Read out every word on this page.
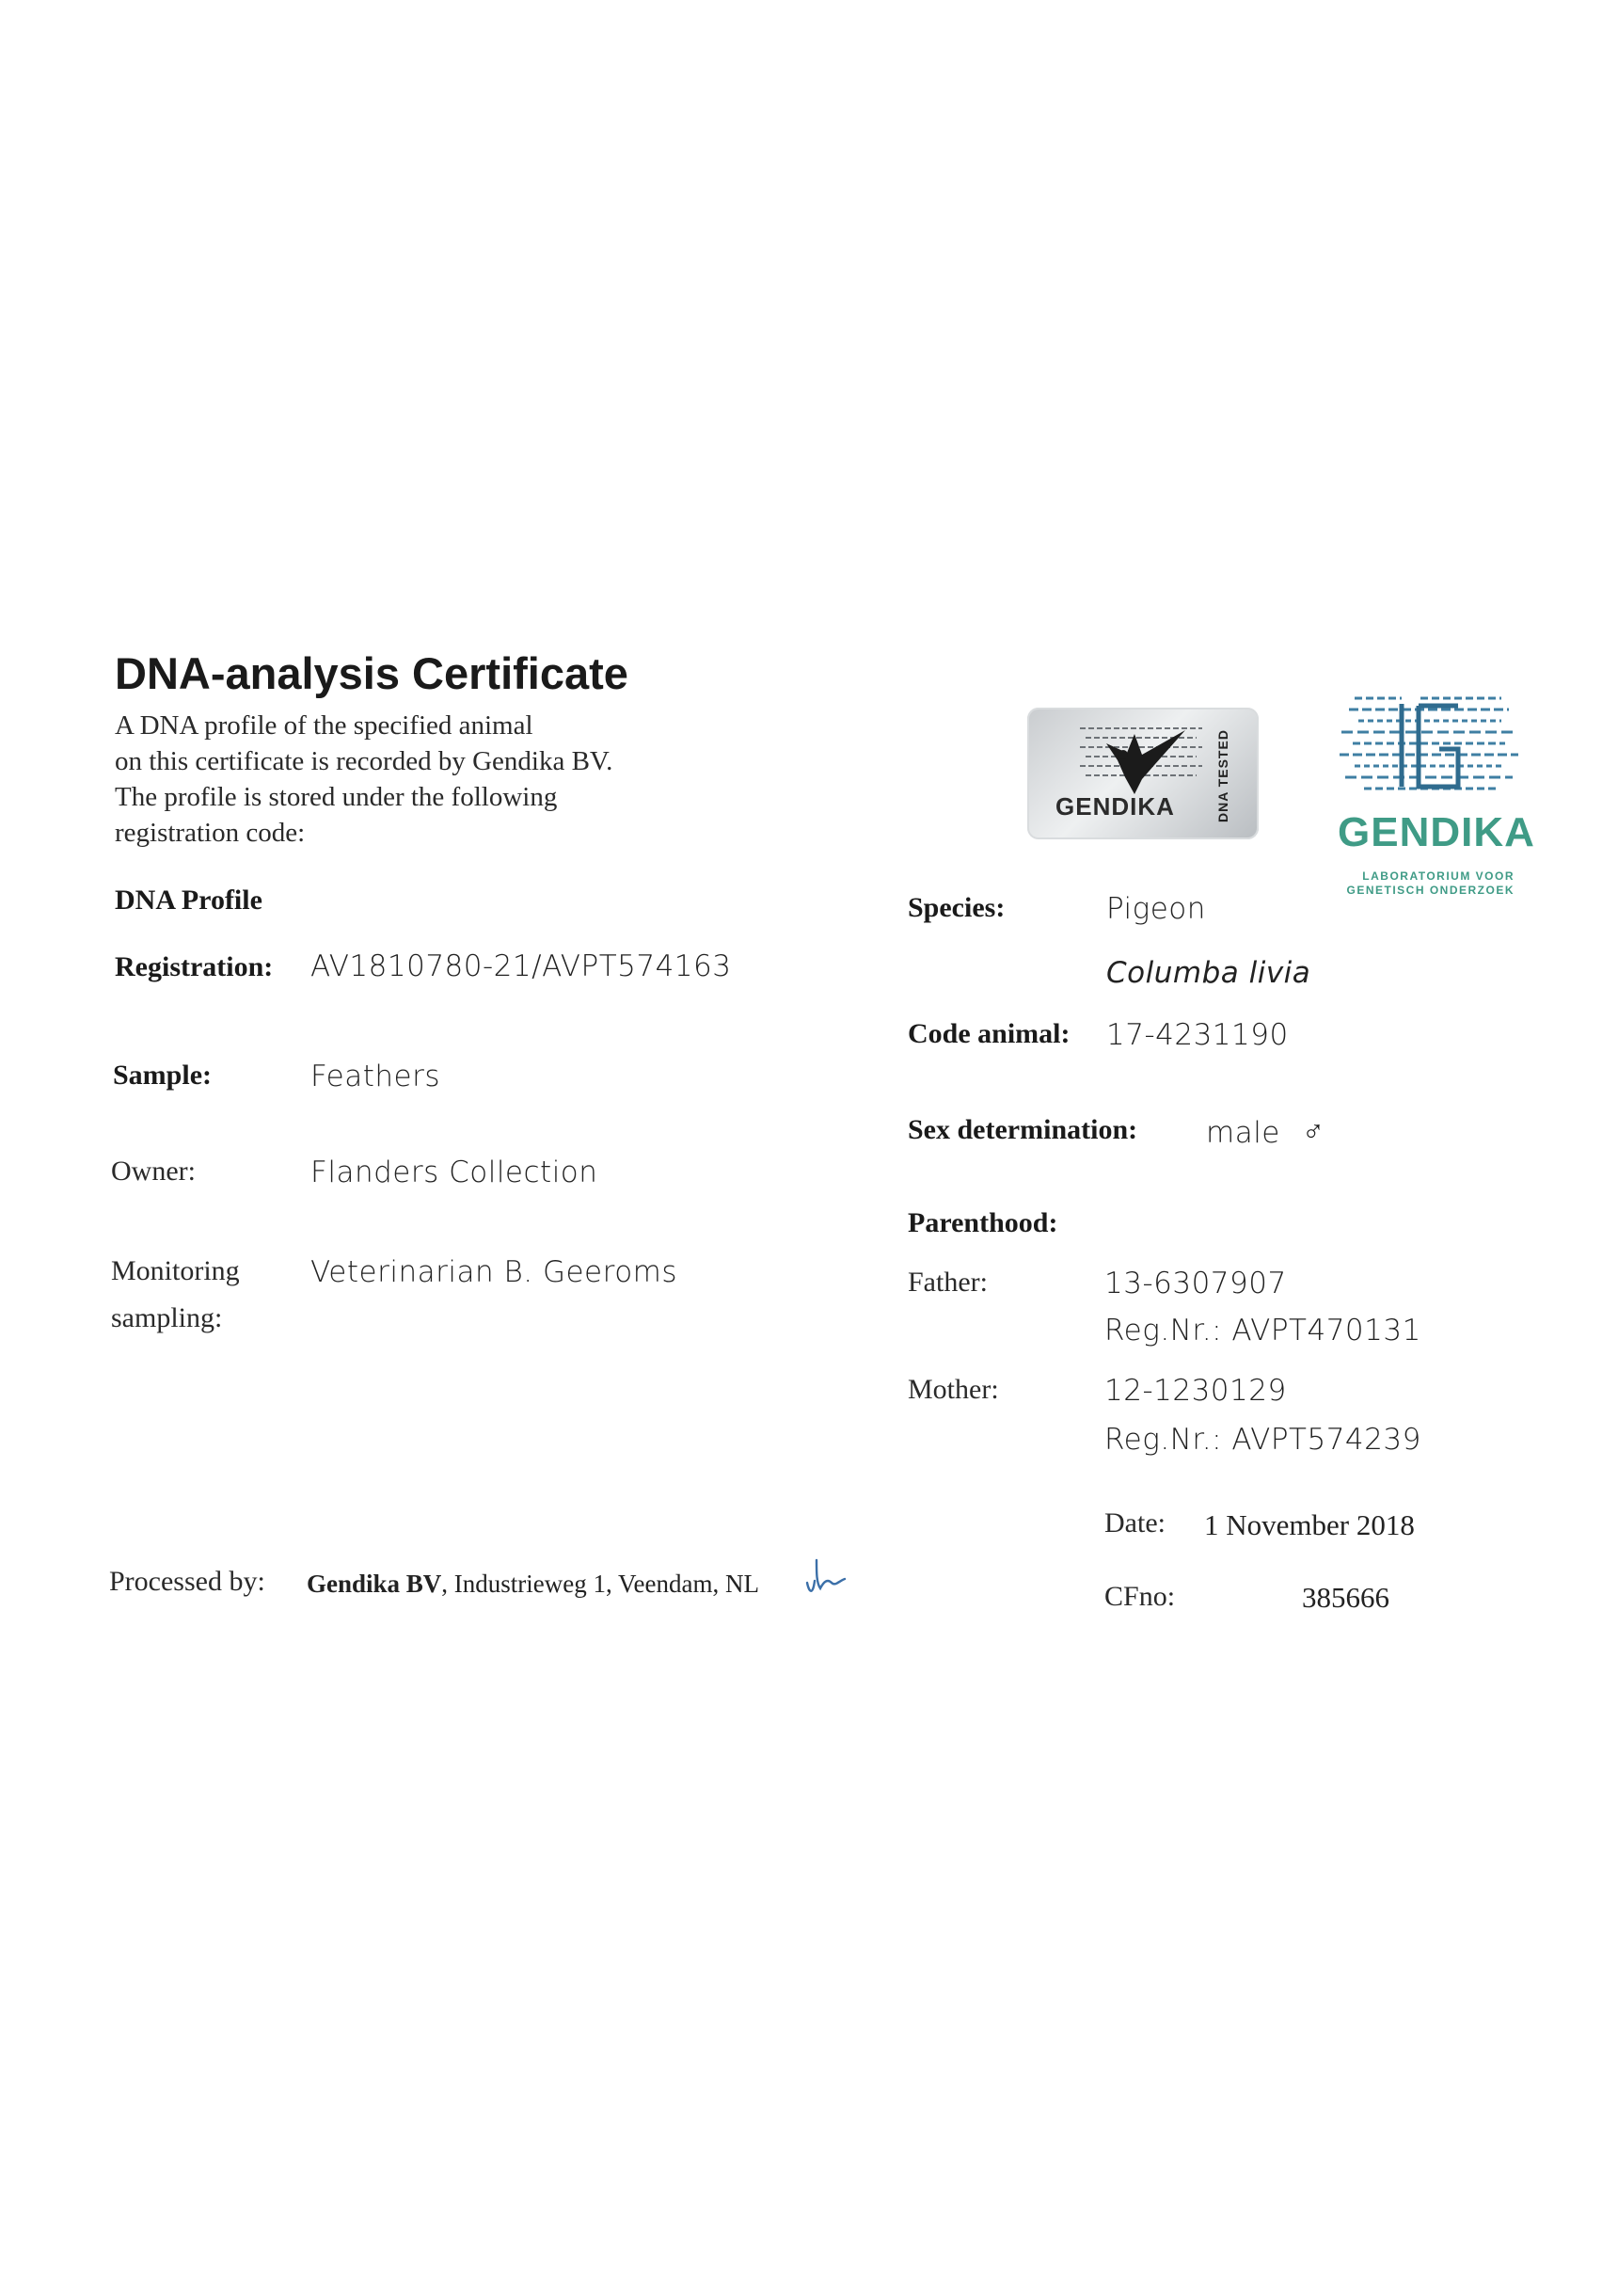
DNA-analysis Certificate
A DNA profile of the specified animal
on this certificate is recorded by Gendika BV.
The profile is stored under the following
registration code:
DNA Profile
Registration: AV1810780-21/AVPT574163
Sample:	Feathers
Owner:	Flanders Collection
Monitoring
sampling:
Veterinarian B. Geeroms
Processed by: Gendika BV, Industrieweg 1, Veendam, NL
Species:	Pigeon
Columba livia
Code animal: 17-4231190
Sex determination: male ♂
Parenthood:
Father:	13-6307907
Reg.Nr.: AVPT470131
Mother:	12-1230129
Reg.Nr.: AVPT574239
Date: 1 November 2018
CFno:	385666
GENDIKA	DNA TESTED
GENDIKA
LABORATORIUM VOOR
GENETISCH ONDERZOEK
